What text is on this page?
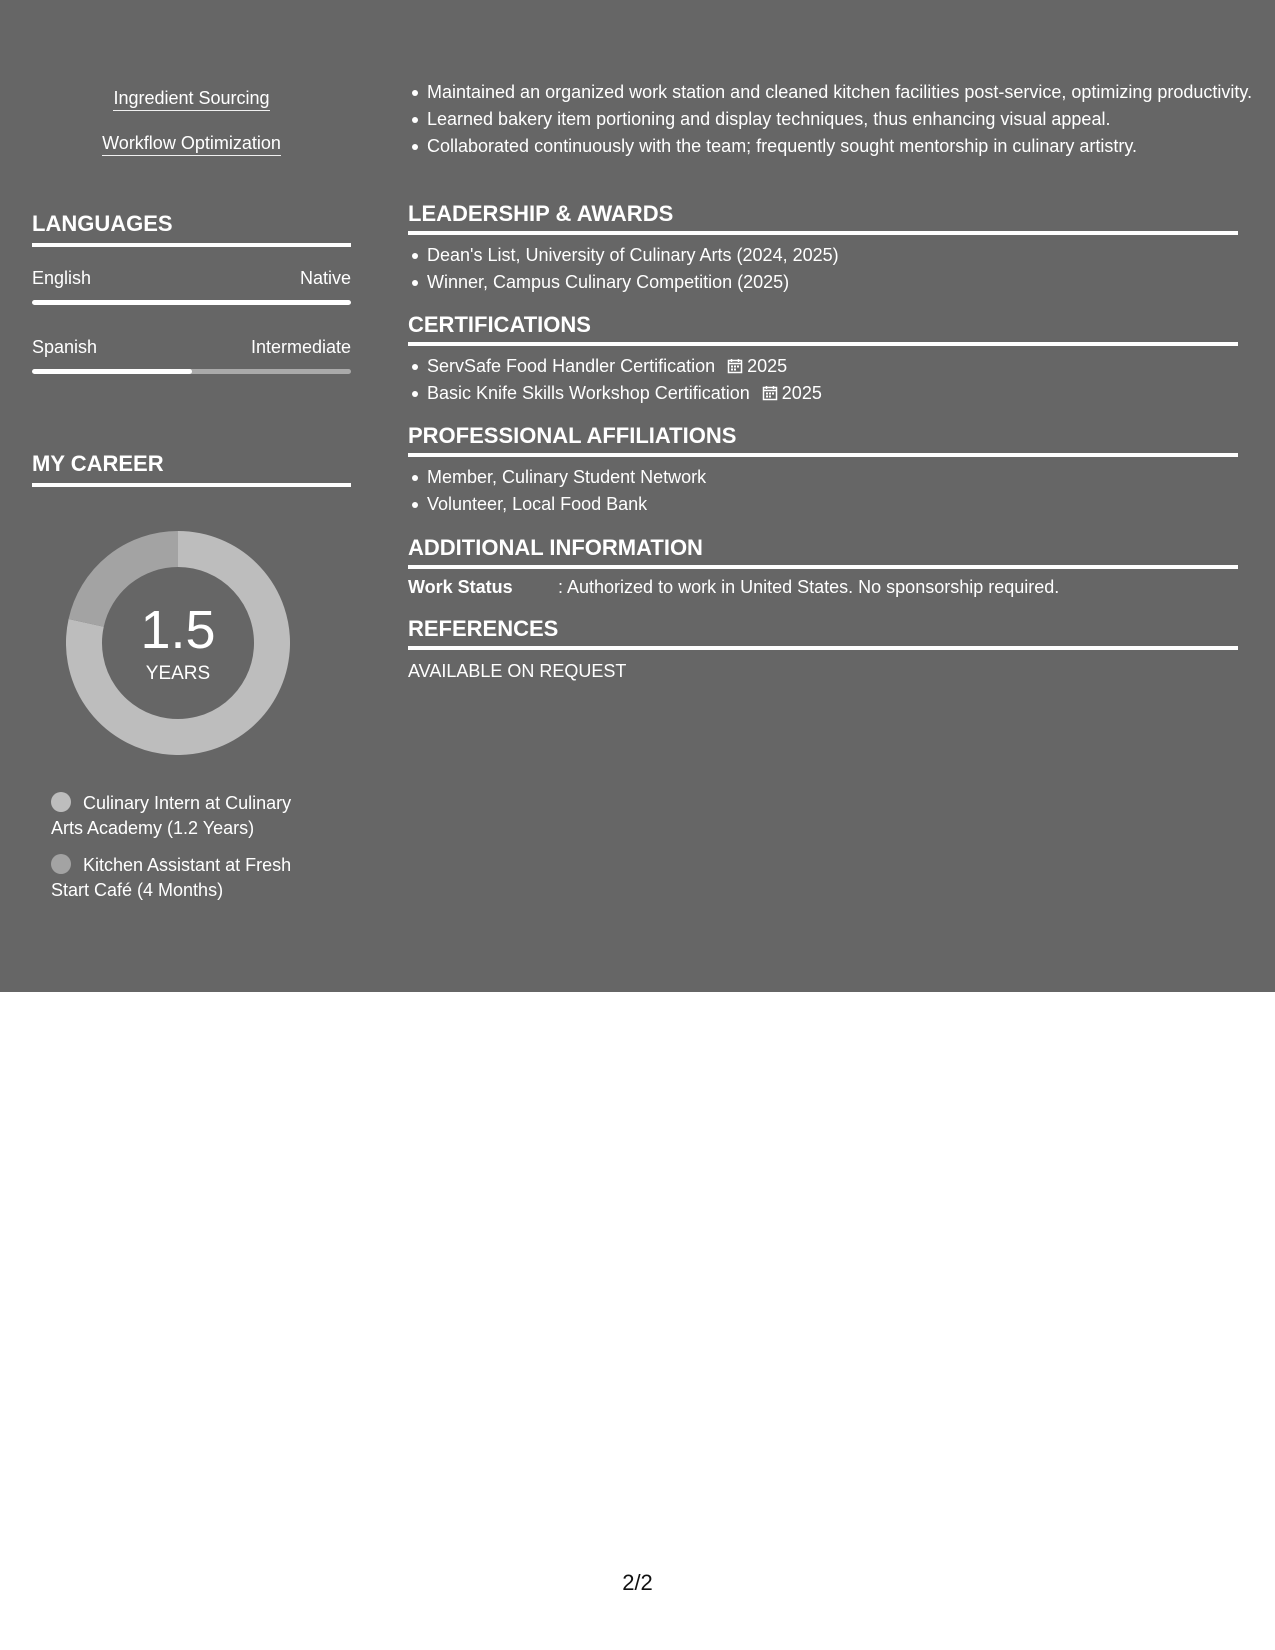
Ingredient Sourcing
Workflow Optimization
LANGUAGES
English	Native
Spanish	Intermediate
MY CAREER
1.5
YEARS
Culinary Intern at Culinary Arts Academy (1.2 Years)
Kitchen Assistant at Fresh Start Café (4 Months)
Maintained an organized work station and cleaned kitchen facilities post-service, optimizing productivity.
Learned bakery item portioning and display techniques, thus enhancing visual appeal.
Collaborated continuously with the team; frequently sought mentorship in culinary artistry.
LEADERSHIP & AWARDS
Dean's List, University of Culinary Arts (2024, 2025)
Winner, Campus Culinary Competition (2025)
CERTIFICATIONS
ServSafe Food Handler Certification 2025
Basic Knife Skills Workshop Certification 2025
PROFESSIONAL AFFILIATIONS
Member, Culinary Student Network
Volunteer, Local Food Bank
ADDITIONAL INFORMATION
Work Status	: Authorized to work in United States. No sponsorship required.
REFERENCES
AVAILABLE ON REQUEST
2/2
